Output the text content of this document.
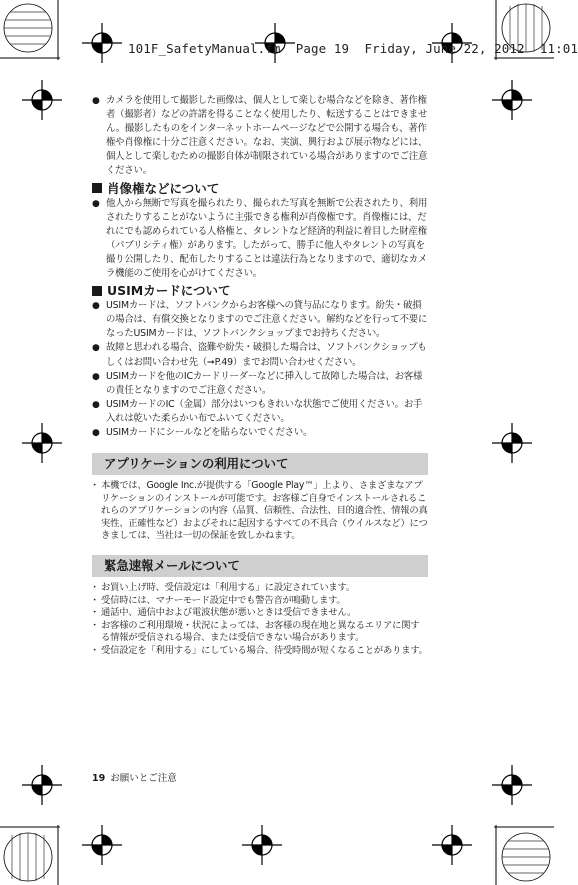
101F_SafetyManual.fm Page 19 Friday, June 22, 2012 11:01
● カメラを使用して撮影した画像は、個人として楽しむ場合などを除き、著作権者（撮影者）などの許諾を得ることなく使用したり、転送することはできません。撮影したものをインターネットホームページなどで公開する場合も、著作権や肖像権に十分ご注意ください。なお、実演、興行および展示物などには、個人として楽しむための撮影自体が制限されている場合がありますのでご注意ください。
肖像権などについて
● 他人から無断で写真を撮られたり、撮られた写真を無断で公表されたり、利用されたりすることがないように主張できる権利が肖像権です。肖像権には、だれにでも認められている人格権と、タレントなど経済的利益に着目した財産権（パブリシティ権）があります。したがって、勝手に他人やタレントの写真を撮り公開したり、配布したりすることは違法行為となりますので、適切なカメラ機能のご使用を心がけてください。
USIMカードについて
● USIMカードは、ソフトバンクからお客様への貸与品になります。紛失・破損の場合は、有償交換となりますのでご注意ください。解約などを行って不要になったUSIMカードは、ソフトバンクショップまでお持ちください。
● 故障と思われる場合、盗難や紛失・破損した場合は、ソフトバンクショップもしくはお問い合わせ先（➞P.49）までお問い合わせください。
● USIMカードを他のICカードリーダーなどに挿入して故障した場合は、お客様の責任となりますのでご注意ください。
● USIMカードのIC（金属）部分はいつもきれいな状態でご使用ください。お手入れは乾いた柔らかい布でふいてください。
● USIMカードにシールなどを貼らないでください。
アプリケーションの利用について
・ 本機では、Google Inc.が提供する「Google Play™」上より、さまざまなアプリケーションのインストールが可能です。お客様ご自身でインストールされるこれらのアプリケーションの内容（品質、信頼性、合法性、目的適合性、情報の真実性、正確性など）およびそれに起因するすべての不具合（ウイルスなど）につきましては、当社は一切の保証を致しかねます。
緊急速報メールについて
・ お買い上げ時、受信設定は「利用する」に設定されています。
・ 受信時には、マナーモード設定中でも警告音が鳴動します。
・ 通話中、通信中および電波状態が悪いときは受信できません。
・ お客様のご利用環境・状況によっては、お客様の現在地と異なるエリアに関する情報が受信される場合、または受信できない場合があります。
・ 受信設定を「利用する」にしている場合、待受時間が短くなることがあります。
19 お願いとご注意
